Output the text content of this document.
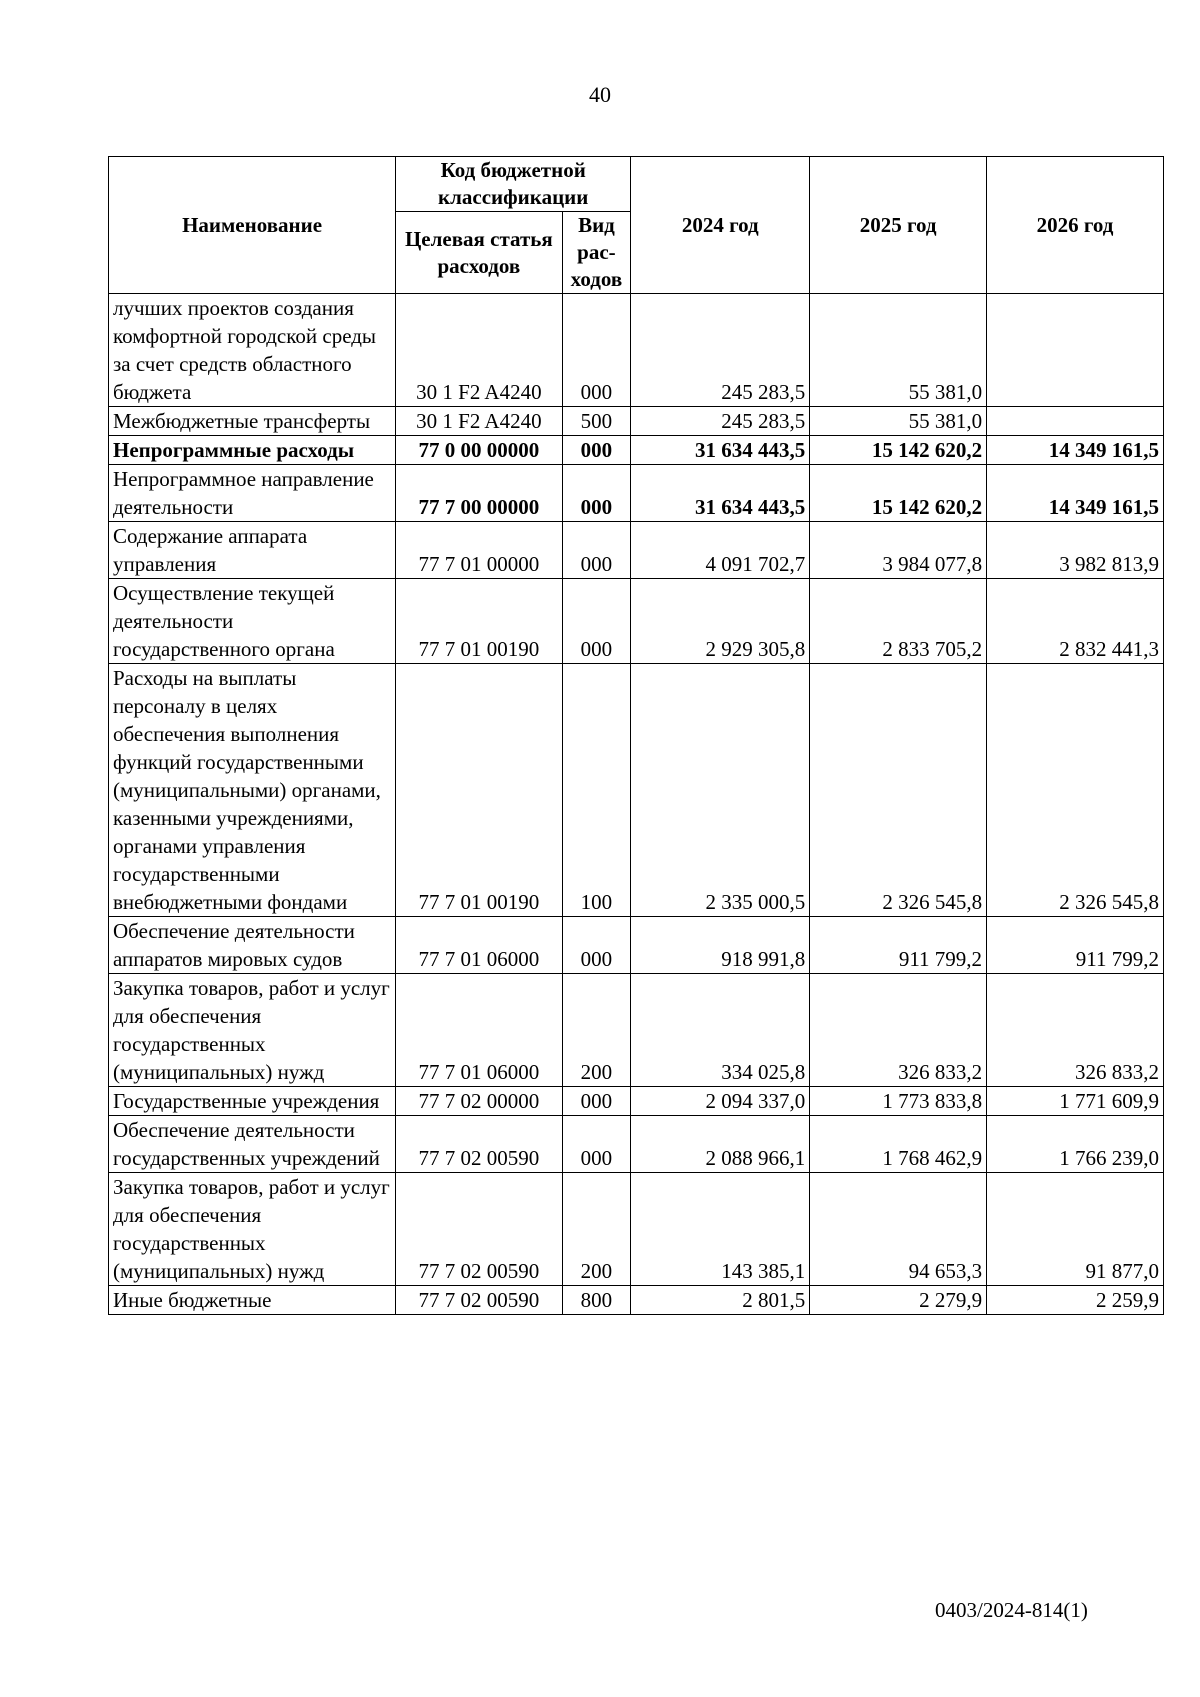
40
Наименование	Код бюджетной классификации		2024 год	2025 год	2026 год
	Целевая статья расходов	Вид рас-ходов			
лучших проектов создания комфортной городской среды за счет средств областного бюджета	30 1 F2 A4240	000	245 283,5	55 381,0	
Межбюджетные трансферты	30 1 F2 A4240	500	245 283,5	55 381,0	
Непрограммные расходы	77 0 00 00000	000	31 634 443,5	15 142 620,2	14 349 161,5
Непрограммное направление деятельности	77 7 00 00000	000	31 634 443,5	15 142 620,2	14 349 161,5
Содержание аппарата управления	77 7 01 00000	000	4 091 702,7	3 984 077,8	3 982 813,9
Осуществление текущей деятельности государственного органа	77 7 01 00190	000	2 929 305,8	2 833 705,2	2 832 441,3
Расходы на выплаты персоналу в целях обеспечения выполнения функций государственными (муниципальными) органами, казенными учреждениями, органами управления государственными внебюджетными фондами	77 7 01 00190	100	2 335 000,5	2 326 545,8	2 326 545,8
Обеспечение деятельности аппаратов мировых судов	77 7 01 06000	000	918 991,8	911 799,2	911 799,2
Закупка товаров, работ и услуг для обеспечения государственных (муниципальных) нужд	77 7 01 06000	200	334 025,8	326 833,2	326 833,2
Государственные учреждения	77 7 02 00000	000	2 094 337,0	1 773 833,8	1 771 609,9
Обеспечение деятельности государственных учреждений	77 7 02 00590	000	2 088 966,1	1 768 462,9	1 766 239,0
Закупка товаров, работ и услуг для обеспечения государственных (муниципальных) нужд	77 7 02 00590	200	143 385,1	94 653,3	91 877,0
Иные бюджетные	77 7 02 00590	800	2 801,5	2 279,9	2 259,9
0403/2024-814(1)
